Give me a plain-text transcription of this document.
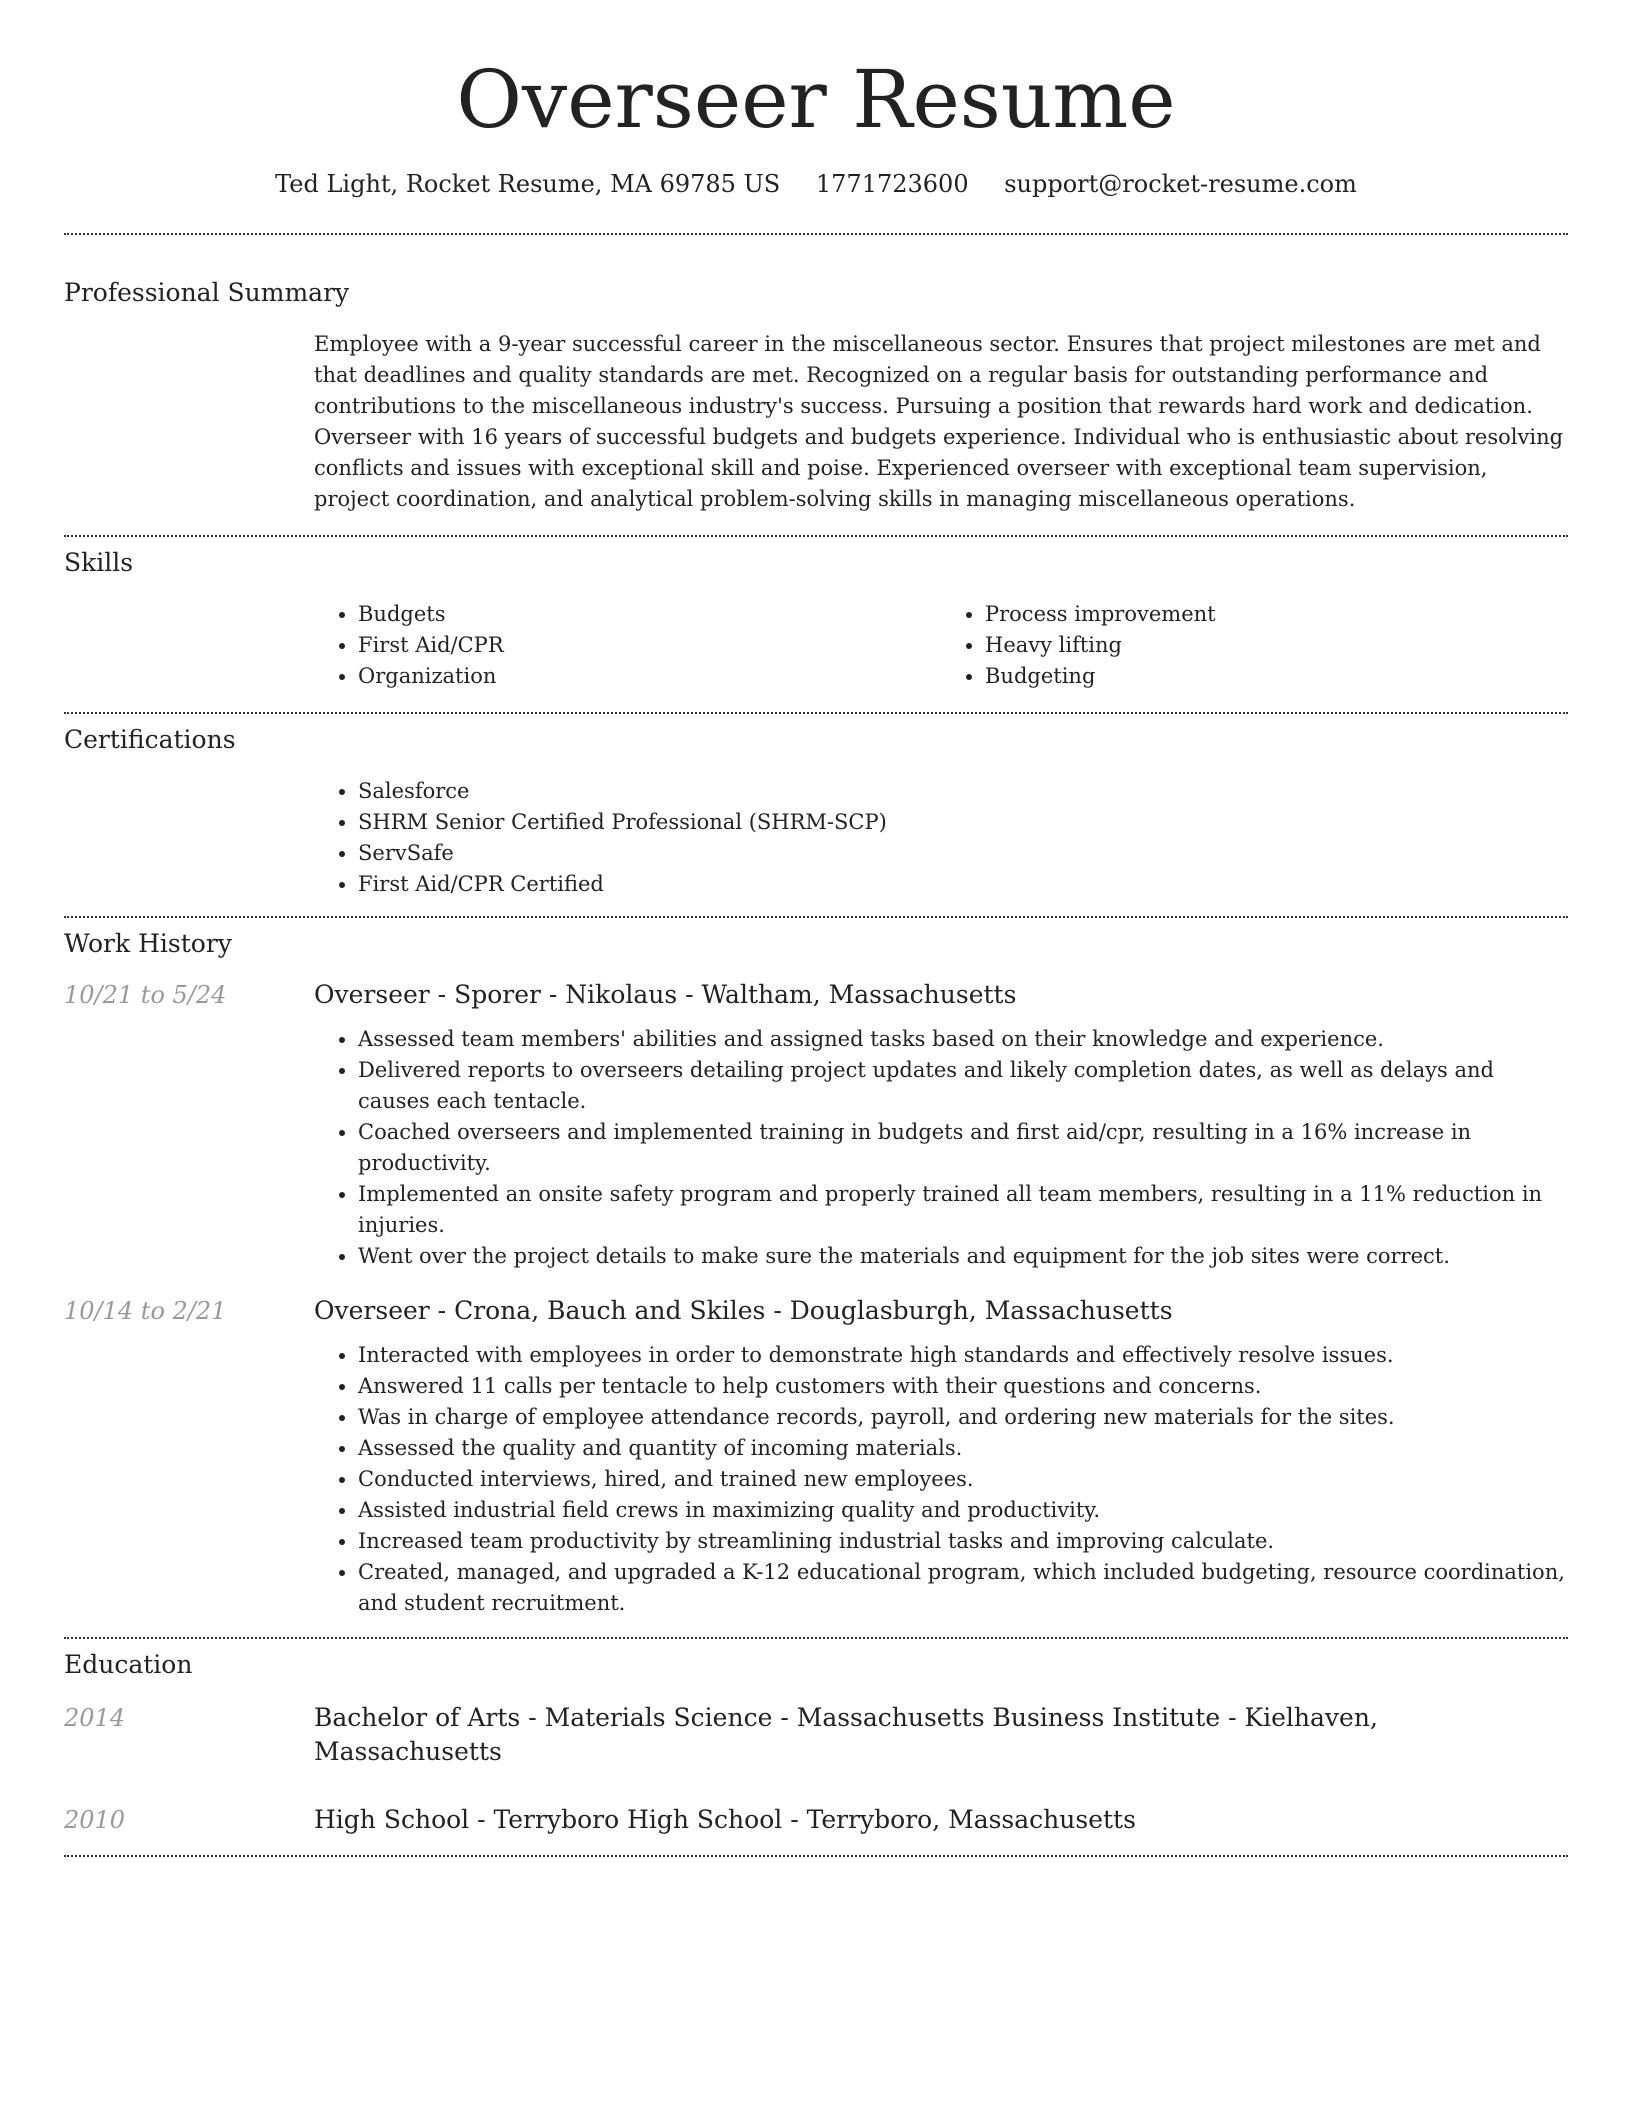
Overseer Resume
Ted Light, Rocket Resume, MA 69785 US 1771723600 support@rocket-resume.com
Professional Summary
Employee with a 9-year successful career in the miscellaneous sector. Ensures that project milestones are met and that deadlines and quality standards are met. Recognized on a regular basis for outstanding performance and contributions to the miscellaneous industry's success. Pursuing a position that rewards hard work and dedication. Overseer with 16 years of successful budgets and budgets experience. Individual who is enthusiastic about resolving conflicts and issues with exceptional skill and poise. Experienced overseer with exceptional team supervision, project coordination, and analytical problem-solving skills in managing miscellaneous operations.
Skills
• Budgets
• First Aid/CPR
• Organization
• Process improvement
• Heavy lifting
• Budgeting
Certifications
• Salesforce
• SHRM Senior Certified Professional (SHRM-SCP)
• ServSafe
• First Aid/CPR Certified
Work History
10/21 to 5/24	Overseer - Sporer - Nikolaus - Waltham, Massachusetts
• Assessed team members' abilities and assigned tasks based on their knowledge and experience.
• Delivered reports to overseers detailing project updates and likely completion dates, as well as delays and causes each tentacle.
• Coached overseers and implemented training in budgets and first aid/cpr, resulting in a 16% increase in productivity.
• Implemented an onsite safety program and properly trained all team members, resulting in a 11% reduction in injuries.
• Went over the project details to make sure the materials and equipment for the job sites were correct.
10/14 to 2/21	Overseer - Crona, Bauch and Skiles - Douglasburgh, Massachusetts
• Interacted with employees in order to demonstrate high standards and effectively resolve issues.
• Answered 11 calls per tentacle to help customers with their questions and concerns.
• Was in charge of employee attendance records, payroll, and ordering new materials for the sites.
• Assessed the quality and quantity of incoming materials.
• Conducted interviews, hired, and trained new employees.
• Assisted industrial field crews in maximizing quality and productivity.
• Increased team productivity by streamlining industrial tasks and improving calculate.
• Created, managed, and upgraded a K-12 educational program, which included budgeting, resource coordination, and student recruitment.
Education
2014	Bachelor of Arts - Materials Science - Massachusetts Business Institute - Kielhaven, Massachusetts
2010	High School - Terryboro High School - Terryboro, Massachusetts
